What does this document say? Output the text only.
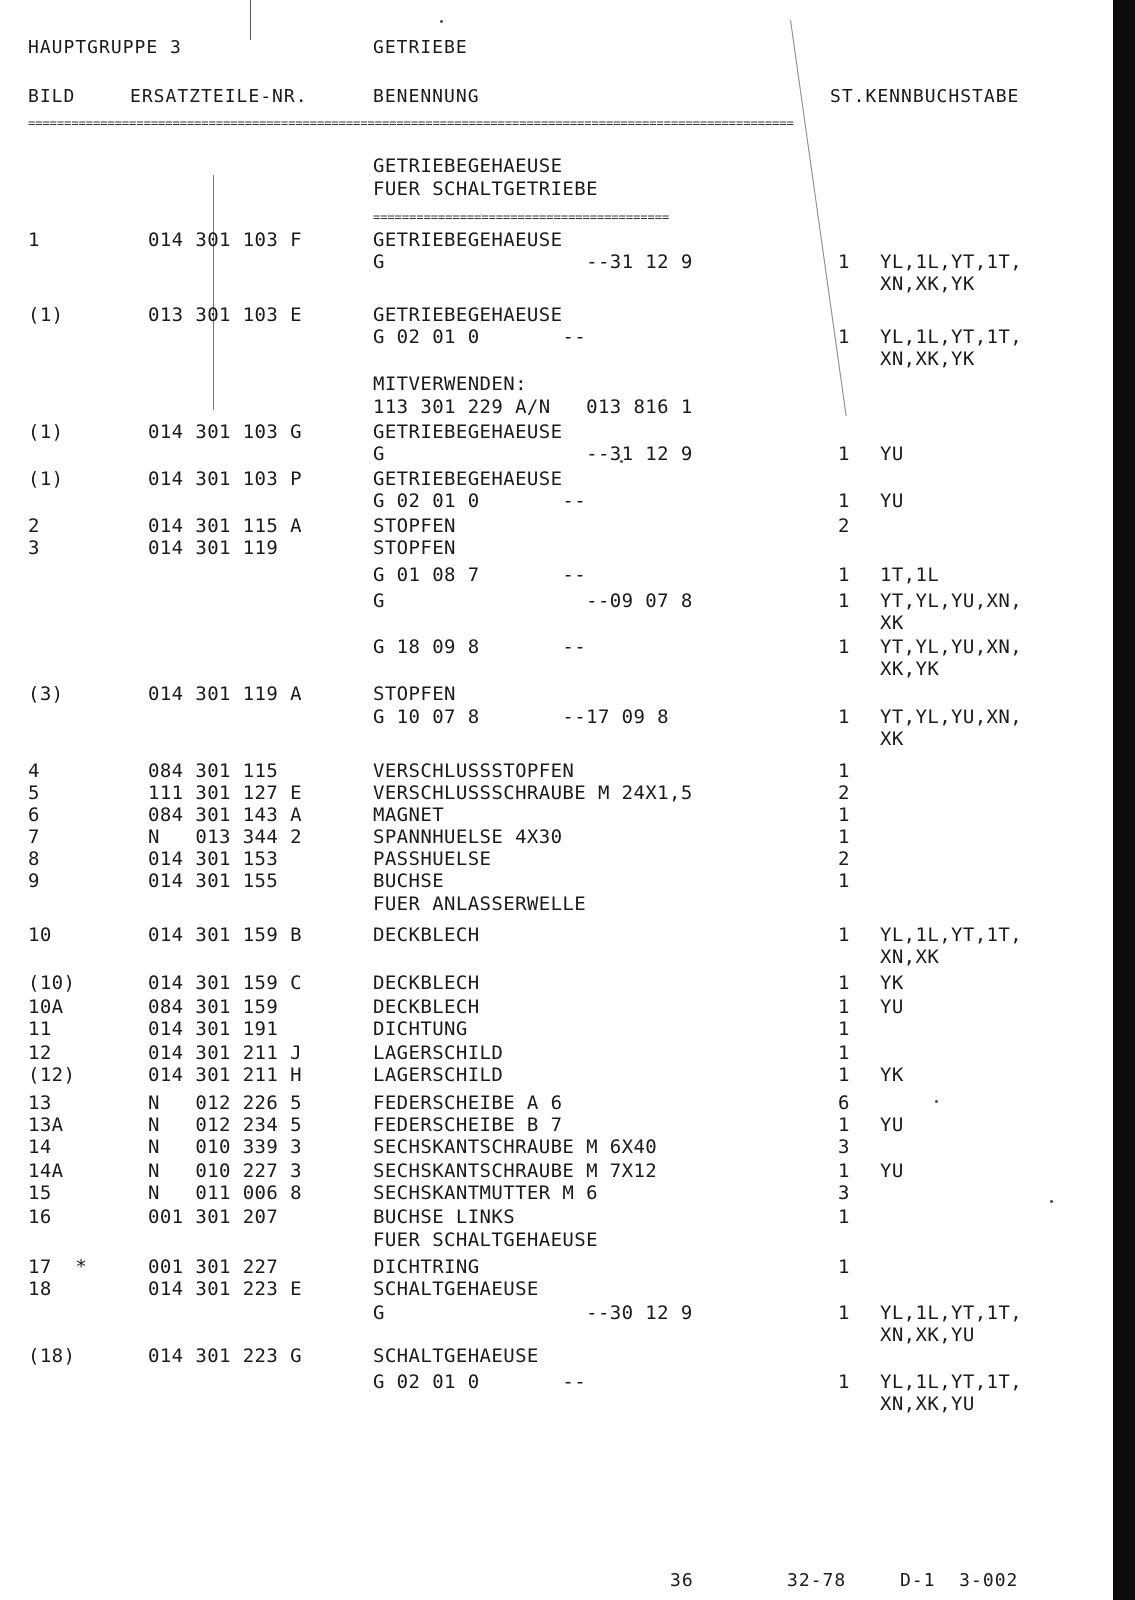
HAUPTGRUPPE 3	GETRIEBE
BILD	ERSATZTEILE-NR.	BENENNUNG	ST.KENNBUCHSTABE
==========================================================================================================
GETRIEBEGEHAEUSE
FUER SCHALTGETRIEBE
=========================================
1	014 301 103 F	GETRIEBEGEHAEUSE
G                 --31 12 9	1 YL,1L,YT,1T,
XN,XK,YK
(1)	013 301 103 E	GETRIEBEGEHAEUSE
G 02 01 0       --	1 YL,1L,YT,1T,
XN,XK,YK
MITVERWENDEN:
113 301 229 A/N   013 816 1
(1)	014 301 103 G	GETRIEBEGEHAEUSE
G                 --31 12 9	1 YU
(1)	014 301 103 P	GETRIEBEGEHAEUSE
G 02 01 0       --	1 YU
2	014 301 115 A	STOPFEN	2
3	014 301 119	STOPFEN
G 01 08 7       --	1 1T,1L
G                 --09 07 8	1 YT,YL,YU,XN,
XK
G 18 09 8       --	1 YT,YL,YU,XN,
XK,YK
(3)	014 301 119 A	STOPFEN
G 10 07 8       --17 09 8	1 YT,YL,YU,XN,
XK
4	084 301 115	VERSCHLUSSSTOPFEN	1
5	111 301 127 E	VERSCHLUSSSCHRAUBE M 24X1,5	2
6	084 301 143 A	MAGNET	1
7	N   013 344 2	SPANNHUELSE 4X30	1
8	014 301 153	PASSHUELSE	2
9	014 301 155	BUCHSE	1
FUER ANLASSERWELLE
10	014 301 159 B	DECKBLECH	1 YL,1L,YT,1T,
XN,XK
(10)	014 301 159 C	DECKBLECH	1 YK
10A	084 301 159	DECKBLECH	1 YU
11	014 301 191	DICHTUNG	1
12	014 301 211 J	LAGERSCHILD	1
(12)	014 301 211 H	LAGERSCHILD	1 YK
13	N   012 226 5	FEDERSCHEIBE A 6	6
13A	N   012 234 5	FEDERSCHEIBE B 7	1 YU
14	N   010 339 3	SECHSKANTSCHRAUBE M 6X40	3
14A	N   010 227 3	SECHSKANTSCHRAUBE M 7X12	1 YU
15	N   011 006 8	SECHSKANTMUTTER M 6	3
16	001 301 207	BUCHSE LINKS	1
FUER SCHALTGEHAEUSE
17  *	001 301 227	DICHTRING	1
18	014 301 223 E	SCHALTGEHAEUSE
G                 --30 12 9	1 YL,1L,YT,1T,
XN,XK,YU
(18)	014 301 223 G	SCHALTGEHAEUSE
G 02 01 0       --	1 YL,1L,YT,1T,
XN,XK,YU
36	32-78	D-1  3-002
